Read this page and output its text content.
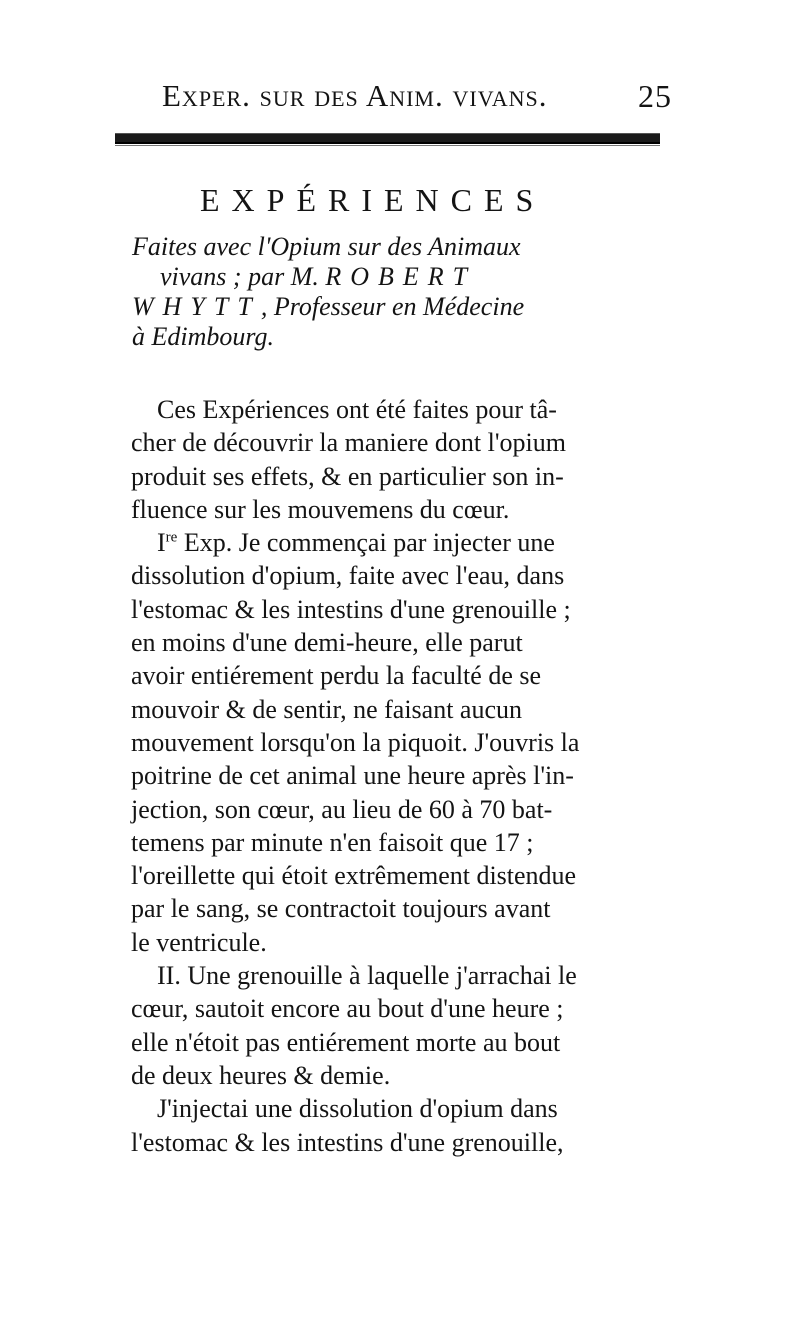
Exper. sur des Anim. vivans.	25
EXPÉRIENCES
Faites avec l'Opium sur des Animaux
vivans ; par M. ROBERT
WHYTT, Professeur en Médecine
à Edimbourg.
Ces Expériences ont été faites pour tâ-
cher de découvrir la maniere dont l'opium
produit ses effets, & en particulier son in-
fluence sur les mouvemens du cœur.
Ire Exp. Je commençai par injecter une
dissolution d'opium, faite avec l'eau, dans
l'estomac & les intestins d'une grenouille ;
en moins d'une demi-heure, elle parut
avoir entiérement perdu la faculté de se
mouvoir & de sentir, ne faisant aucun
mouvement lorsqu'on la piquoit. J'ouvris la
poitrine de cet animal une heure après l'in-
jection, son cœur, au lieu de 60 à 70 bat-
temens par minute n'en faisoit que 17 ;
l'oreillette qui étoit extrêmement distendue
par le sang, se contractoit toujours avant
le ventricule.
II. Une grenouille à laquelle j'arrachai le
cœur, sautoit encore au bout d'une heure ;
elle n'étoit pas entiérement morte au bout
de deux heures & demie.
J'injectai une dissolution d'opium dans
l'estomac & les intestins d'une grenouille,
